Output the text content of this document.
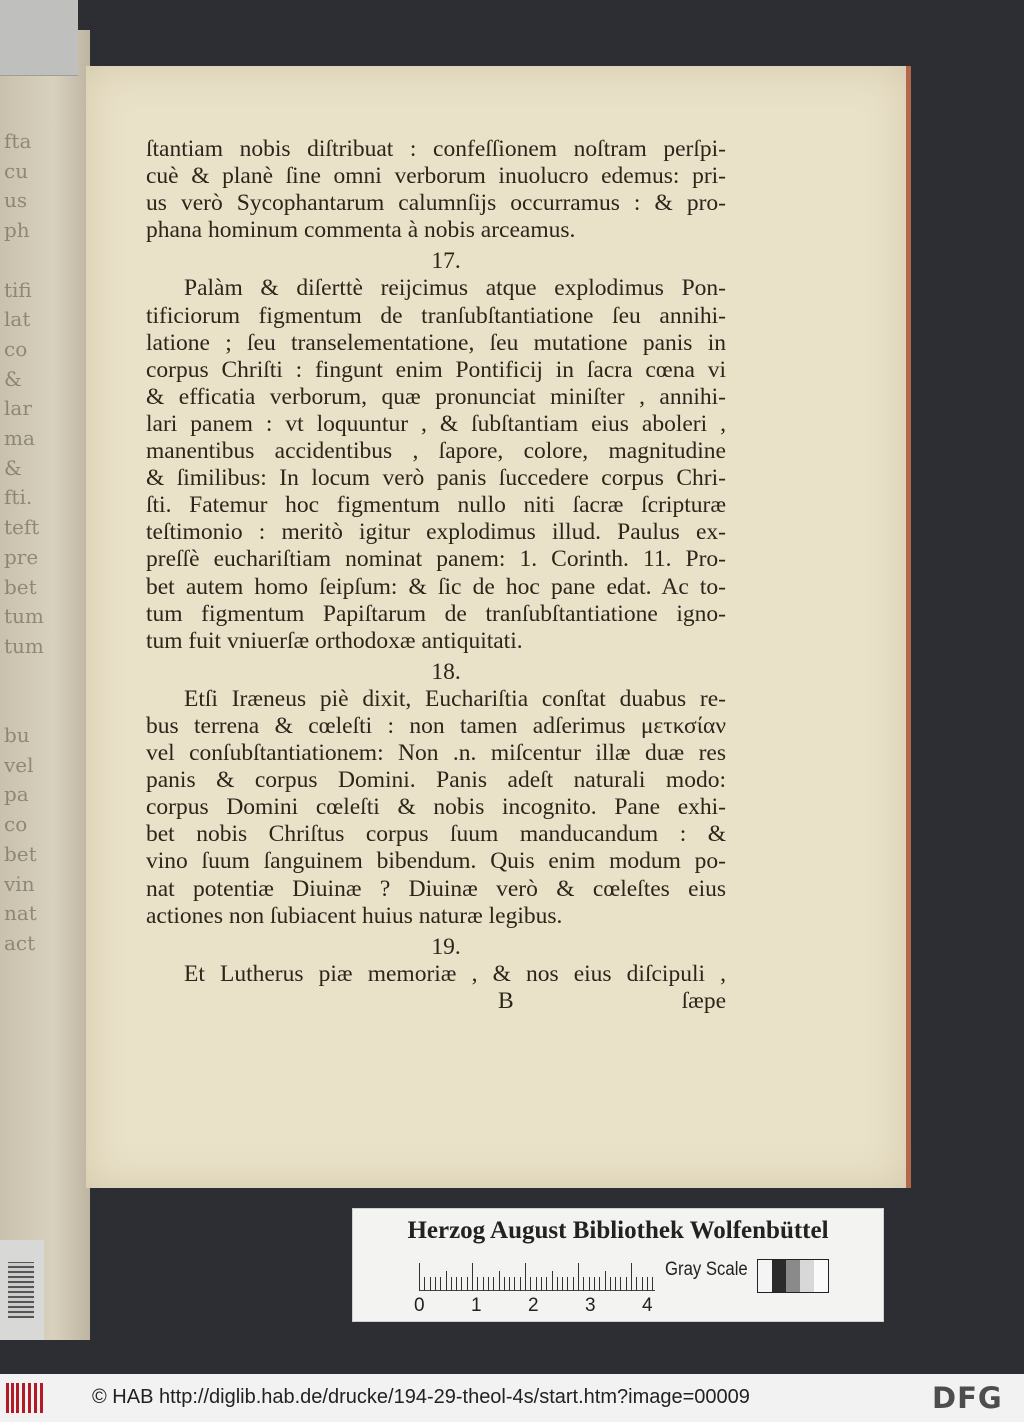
fta
cu
us
ph
tifi
lat
co
&
lar
ma
&
fti.
teft
pre
bet
tum
tum
bu
vel
pa
co
bet
vin
nat
act
ſtantiam nobis diſtribuat : confeſſionem noſtram perſpi-
cuè & planè ſine omni verborum inuolucro edemus: pri-
us verò Sycophantarum calumnſijs occurramus : & pro-
phana hominum commenta à nobis arceamus.
17.
Palàm & diſerttè reijcimus atque explodimus Pon-
tificiorum figmentum de tranſubſtantiatione ſeu annihi-
latione ; ſeu transelementatione, ſeu mutatione panis in
corpus Chriſti : fingunt enim Pontificij in ſacra cœna vi
& efficatia verborum, quæ pronunciat miniſter , annihi-
lari panem : vt loquuntur , & ſubſtantiam eius aboleri ,
manentibus accidentibus , ſapore, colore, magnitudine
& ſimilibus: In locum verò panis ſuccedere corpus Chri-
ſti. Fatemur hoc figmentum nullo niti ſacræ ſcripturæ
teſtimonio : meritò igitur explodimus illud. Paulus ex-
preſſè euchariſtiam nominat panem: 1. Corinth. 11. Pro-
bet autem homo ſeipſum: & ſic de hoc pane edat. Ac to-
tum figmentum Papiſtarum de tranſubſtantiatione igno-
tum fuit vniuerſæ orthodoxæ antiquitati.
18.
Etſi Iræneus piè dixit, Euchariſtia conſtat duabus re-
bus terrena & cœleſti : non tamen adſerimus μετκσίαν
vel conſubſtantiationem: Non .n. miſcentur illæ duæ res
panis & corpus Domini. Panis adeſt naturali modo:
corpus Domini cœleſti & nobis incognito. Pane exhi-
bet nobis Chriſtus corpus ſuum manducandum : &
vino ſuum ſanguinem bibendum. Quis enim modum po-
nat potentiæ Diuinæ ? Diuinæ verò & cœleſtes eius
actiones non ſubiacent huius naturæ legibus.
19.
Et Lutherus piæ memoriæ , & nos eius diſcipuli ,
B	ſæpe
Herzog August Bibliothek Wolfenbüttel
Gray Scale
0 1 2 3 4
© HAB http://diglib.hab.de/drucke/194-29-theol-4s/start.htm?image=00009	DFG
